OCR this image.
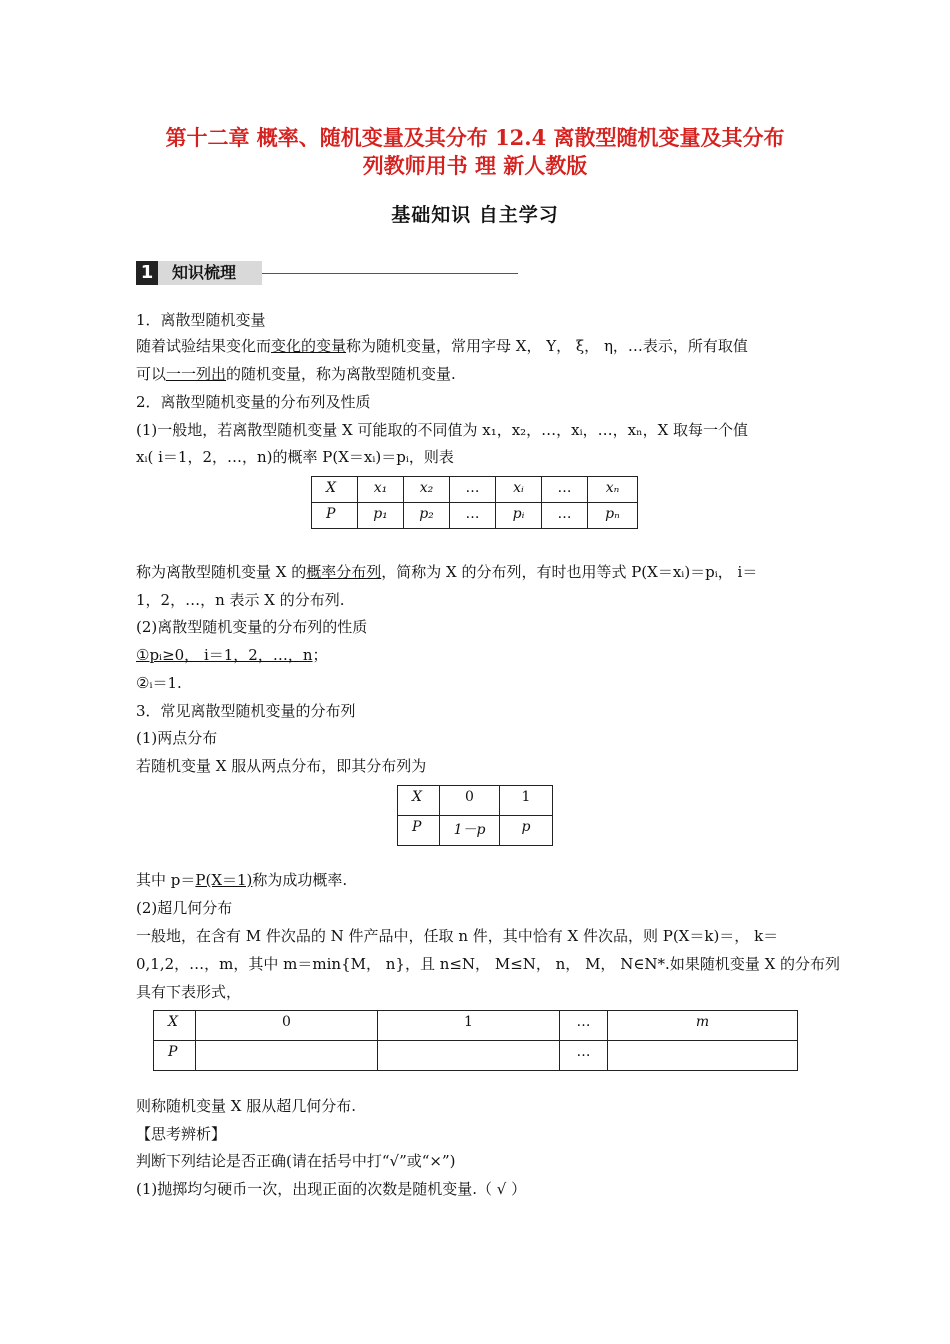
第十二章 概率、随机变量及其分布 12.4 离散型随机变量及其分布
列教师用书 理 新人教版
基础知识 自主学习
1	知识梳理
1．离散型随机变量
随着试验结果变化而变化的变量称为随机变量，常用字母 X， Y， ξ， η，…表示，所有取值
可以一一列出的随机变量，称为离散型随机变量.
2．离散型随机变量的分布列及性质
(1)一般地，若离散型随机变量 X 可能取的不同值为 x₁，x₂，…，xᵢ，…，xₙ，X 取每一个值
xᵢ( i＝1，2，…，n)的概率 P(X＝xᵢ)＝pᵢ，则表
X	x₁	x₂	…	xᵢ	…	xₙ
P	p₁	p₂	…	pᵢ	…	pₙ
称为离散型随机变量 X 的概率分布列，简称为 X 的分布列，有时也用等式 P(X＝xᵢ)＝pᵢ， i＝
1，2，…，n 表示 X 的分布列.
(2)离散型随机变量的分布列的性质
①pᵢ≥0， i＝1，2，…，n；
②ᵢ＝1.
3．常见离散型随机变量的分布列
(1)两点分布
若随机变量 X 服从两点分布，即其分布列为
X	0	1
P	1－p	p
其中 p＝P(X＝1)称为成功概率.
(2)超几何分布
一般地，在含有 M 件次品的 N 件产品中，任取 n 件，其中恰有 X 件次品，则 P(X＝k)＝， k＝
0,1,2，…，m，其中 m＝min{M， n}，且 n≤N， M≤N， n， M， N∈N*.如果随机变量 X 的分布列
具有下表形式，
X	0	1	…	m
P			…	
则称随机变量 X 服从超几何分布.
【思考辨析】
判断下列结论是否正确(请在括号中打“√”或“×”)
(1)抛掷均匀硬币一次，出现正面的次数是随机变量.（ √ ）
